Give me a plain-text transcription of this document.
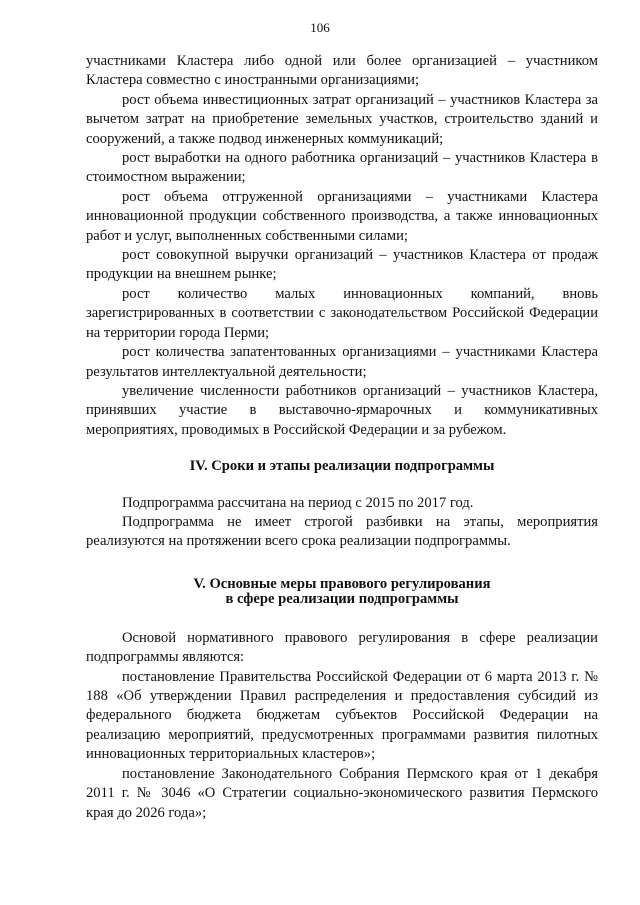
106

участниками Кластера либо одной или более организацией – участником Кластера совместно с иностранными организациями;

рост объема инвестиционных затрат организаций – участников Кластера за вычетом затрат на приобретение земельных участков, строительство зданий и сооружений, а также подвод инженерных коммуникаций;

рост выработки на одного работника организаций – участников Кластера в стоимостном выражении;

рост объема отгруженной организациями – участниками Кластера инновационной продукции собственного производства, а также инновационных работ и услуг, выполненных собственными силами;

рост совокупной выручки организаций – участников Кластера от продаж продукции на внешнем рынке;

рост количество малых инновационных компаний, вновь зарегистрированных в соответствии с законодательством Российской Федерации на территории города Перми;

рост количества запатентованных организациями – участниками Кластера результатов интеллектуальной деятельности;

увеличение численности работников организаций – участников Кластера, принявших участие в выставочно-ярмарочных и коммуникативных мероприятиях, проводимых в Российской Федерации и за рубежом.

IV. Сроки и этапы реализации подпрограммы

Подпрограмма рассчитана на период с 2015 по 2017 год.

Подпрограмма не имеет строгой разбивки на этапы, мероприятия реализуются на протяжении всего срока реализации подпрограммы.

V. Основные меры правового регулирования
в сфере реализации подпрограммы

Основой нормативного правового регулирования в сфере реализации подпрограммы являются:

постановление Правительства Российской Федерации от 6 марта 2013 г. № 188 «Об утверждении Правил распределения и предоставления субсидий из федерального бюджета бюджетам субъектов Российской Федерации на реализацию мероприятий, предусмотренных программами развития пилотных инновационных территориальных кластеров»;

постановление Законодательного Собрания Пермского края от 1 декабря 2011 г. № 3046 «О Стратегии социально-экономического развития Пермского края до 2026 года»;
